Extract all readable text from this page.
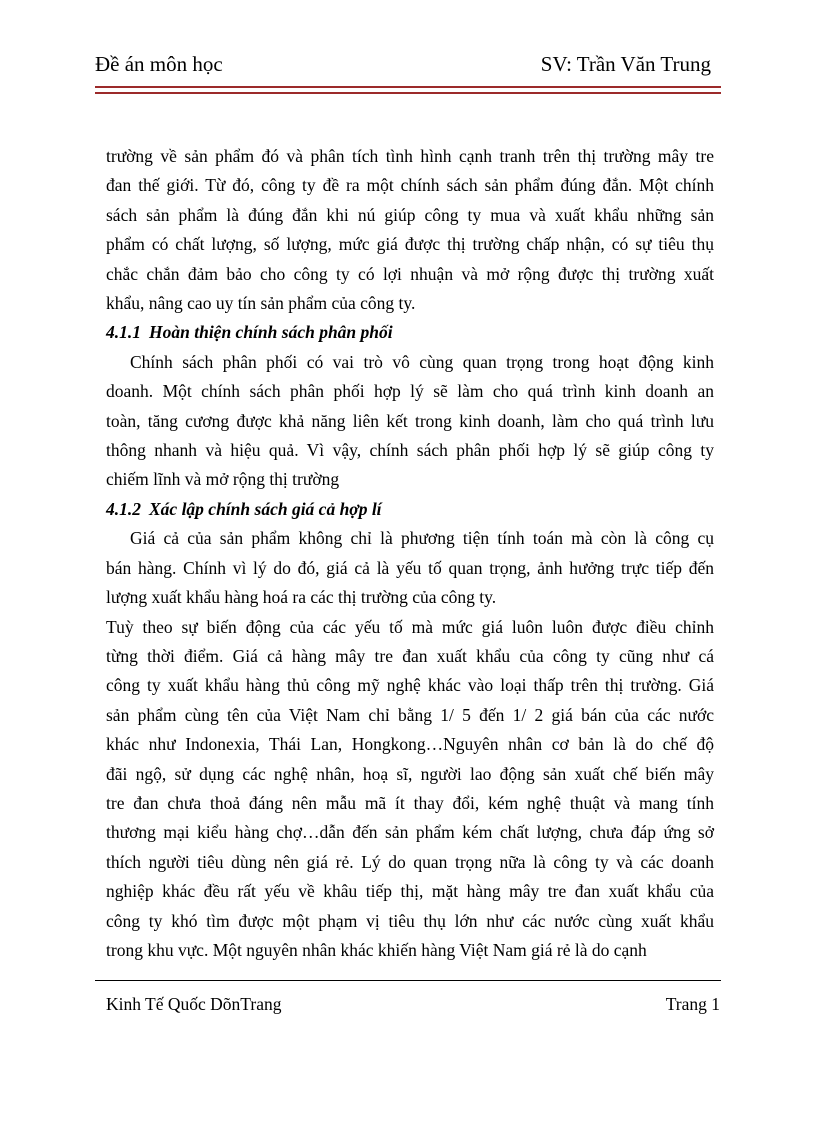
Đề án môn học	SV: Trần Văn Trung
trường về sản phẩm đó và phân tích tình hình cạnh tranh trên thị trường mây tre
đan thế giới. Từ đó, công ty đề ra một chính sách sản phẩm đúng đắn. Một chính
sách sản phẩm là đúng đắn khi nú giúp công ty mua và xuất khẩu những sản
phẩm có chất lượng, số lượng, mức giá được thị trường chấp nhận, có sự tiêu thụ
chắc chắn đảm bảo cho công ty có lợi nhuận và mở rộng được thị trường xuất
khẩu, nâng cao uy tín sản phẩm của công ty.
4.1.1 Hoàn thiện chính sách phân phối
Chính sách phân phối có vai trò vô cùng quan trọng trong hoạt động kinh
doanh. Một chính sách phân phối hợp lý sẽ làm cho quá trình kinh doanh an
toàn, tăng cương được khả năng liên kết trong kinh doanh, làm cho quá trình lưu
thông nhanh và hiệu quả. Vì vậy, chính sách phân phối hợp lý sẽ giúp công ty
chiếm lĩnh và mở rộng thị trường
4.1.2 Xác lập chính sách giá cả hợp lí
Giá cả của sản phẩm không chỉ là phương tiện tính toán mà còn là công cụ
bán hàng. Chính vì lý do đó, giá cả là yếu tố quan trọng, ảnh hưởng trực tiếp đến
lượng xuất khẩu hàng hoá ra các thị trường của công ty.
Tuỳ theo sự biến động của các yếu tố mà mức giá luôn luôn được điều chỉnh
từng thời điểm. Giá cả hàng mây tre đan xuất khẩu của công ty cũng như cá
công ty xuất khẩu hàng thủ công mỹ nghệ khác vào loại thấp trên thị trường. Giá
sản phẩm cùng tên của Việt Nam chỉ bằng 1/ 5 đến 1/ 2 giá bán của các nước
khác như Indonexia, Thái Lan, Hongkong…Nguyên nhân cơ bản là do chế độ
đãi ngộ, sử dụng các nghệ nhân, hoạ sĩ, người lao động sản xuất chế biến mây
tre đan chưa thoả đáng nên mẫu mã ít thay đổi, kém nghệ thuật và mang tính
thương mại kiểu hàng chợ…dẫn đến sản phẩm kém chất lượng, chưa đáp ứng sở
thích người tiêu dùng nên giá rẻ. Lý do quan trọng nữa là công ty và các doanh
nghiệp khác đều rất yếu về khâu tiếp thị, mặt hàng mây tre đan xuất khẩu của
công ty khó tìm được một phạm vị tiêu thụ lớn như các nước cùng xuất khẩu
trong khu vực. Một nguyên nhân khác khiến hàng Việt Nam giá rẻ là do cạnh
Kinh Tế Quốc DõnTrang	Trang 1
